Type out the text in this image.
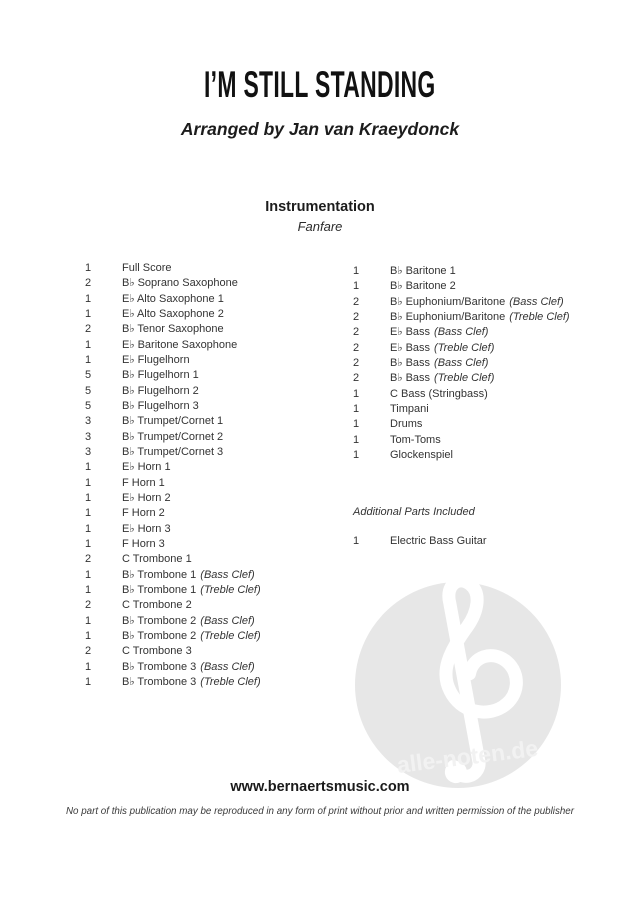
alle-noten.de
I’M STILL STANDING
Arranged by Jan van Kraeydonck
Instrumentation
Fanfare
1	Full Score
2	B♭ Soprano Saxophone
1	E♭ Alto Saxophone 1
1	E♭ Alto Saxophone 2
2	B♭ Tenor Saxophone
1	E♭ Baritone Saxophone
1	E♭ Flugelhorn
5	B♭ Flugelhorn 1
5	B♭ Flugelhorn 2
5	B♭ Flugelhorn 3
3	B♭ Trumpet/Cornet 1
3	B♭ Trumpet/Cornet 2
3	B♭ Trumpet/Cornet 3
1	E♭ Horn 1
1	F Horn 1
1	E♭ Horn 2
1	F Horn 2
1	E♭ Horn 3
1	F Horn 3
2	C Trombone 1
1	B♭ Trombone 1 (Bass Clef)
1	B♭ Trombone 1 (Treble Clef)
2	C Trombone 2
1	B♭ Trombone 2 (Bass Clef)
1	B♭ Trombone 2 (Treble Clef)
2	C Trombone 3
1	B♭ Trombone 3 (Bass Clef)
1	B♭ Trombone 3 (Treble Clef)
1	B♭ Baritone 1
1	B♭ Baritone 2
2	B♭ Euphonium/Baritone (Bass Clef)
2	B♭ Euphonium/Baritone (Treble Clef)
2	E♭ Bass (Bass Clef)
2	E♭ Bass (Treble Clef)
2	B♭ Bass (Bass Clef)
2	B♭ Bass (Treble Clef)
1	C Bass (Stringbass)
1	Timpani
1	Drums
1	Tom-Toms
1	Glockenspiel
Additional Parts Included
1	Electric Bass Guitar
www.bernaertsmusic.com
No part of this publication may be reproduced in any form of print without prior and written permission of the publisher
